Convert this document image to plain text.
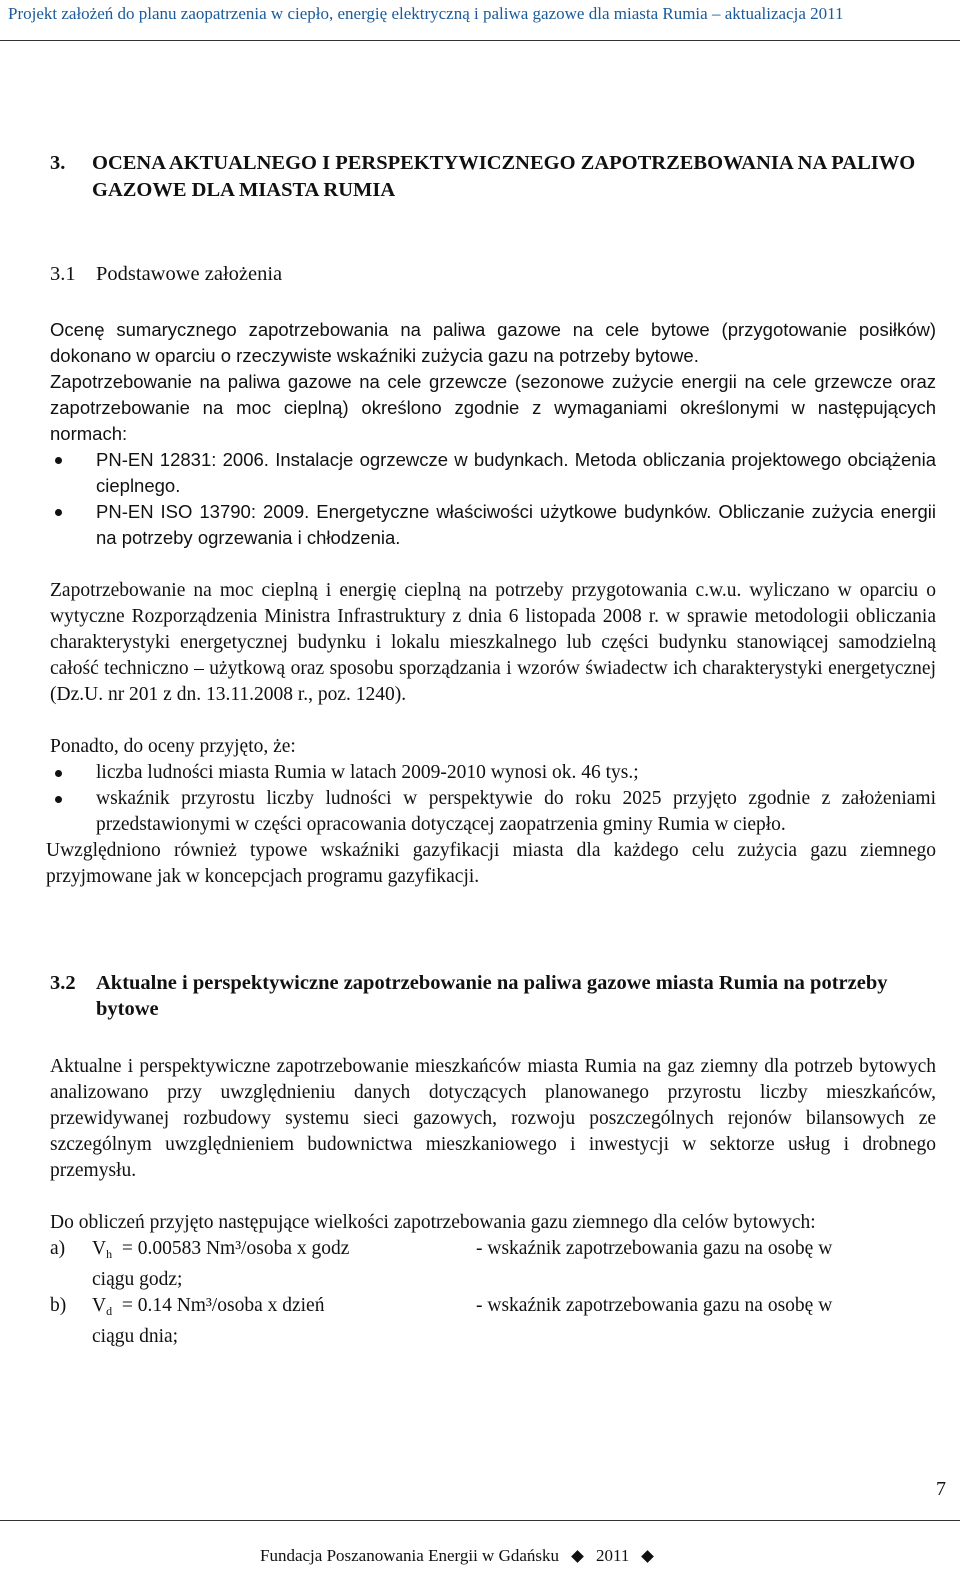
Projekt założeń do planu zaopatrzenia w ciepło, energię elektryczną i paliwa gazowe dla miasta Rumia – aktualizacja 2011
3.	OCENA AKTUALNEGO I PERSPEKTYWICZNEGO ZAPOTRZEBOWANIA NA PALIWO GAZOWE DLA MIASTA RUMIA
3.1 Podstawowe założenia

Ocenę sumarycznego zapotrzebowania na paliwa gazowe na cele bytowe (przygotowanie posiłków) dokonano w oparciu o rzeczywiste wskaźniki zużycia gazu na potrzeby bytowe.

Zapotrzebowanie na paliwa gazowe na cele grzewcze (sezonowe zużycie energii na cele grzewcze oraz zapotrzebowanie na moc cieplną) określono zgodnie z wymaganiami określonymi w następujących normach:

PN-EN 12831: 2006. Instalacje ogrzewcze w budynkach. Metoda obliczania projektowego obciążenia cieplnego.
PN-EN ISO 13790: 2009. Energetyczne właściwości użytkowe budynków. Obliczanie zużycia energii na potrzeby ogrzewania i chłodzenia.

Zapotrzebowanie na moc cieplną i energię cieplną na potrzeby przygotowania c.w.u. wyliczano w oparciu o wytyczne Rozporządzenia Ministra Infrastruktury z dnia 6 listopada 2008 r. w sprawie metodologii obliczania charakterystyki energetycznej budynku i lokalu mieszkalnego lub części budynku stanowiącej samodzielną całość techniczno – użytkową oraz sposobu sporządzania i wzorów świadectw ich charakterystyki energetycznej (Dz.U. nr 201 z dn. 13.11.2008 r., poz. 1240).

Ponadto, do oceny przyjęto, że:

liczba ludności miasta Rumia w latach 2009-2010 wynosi ok. 46 tys.;
wskaźnik przyrostu liczby ludności w perspektywie do roku 2025 przyjęto zgodnie z założeniami przedstawionymi w części opracowania dotyczącej zaopatrzenia gminy Rumia w ciepło.

Uwzględniono również typowe wskaźniki gazyfikacji miasta dla każdego celu zużycia gazu ziemnego przyjmowane jak w koncepcjach programu gazyfikacji.

3.2 Aktualne i perspektywiczne zapotrzebowanie na paliwa gazowe miasta Rumia na potrzeby bytowe

Aktualne i perspektywiczne zapotrzebowanie mieszkańców miasta Rumia na gaz ziemny dla potrzeb bytowych analizowano przy uwzględnieniu danych dotyczących planowanego przyrostu liczby mieszkańców, przewidywanej rozbudowy systemu sieci gazowych, rozwoju poszczególnych rejonów bilansowych ze szczególnym uwzględnieniem budownictwa mieszkaniowego i inwestycji w sektorze usług i drobnego przemysłu.

Do obliczeń przyjęto następujące wielkości zapotrzebowania gazu ziemnego dla celów bytowych:

a)	$V_h = 0.00583$ Nm³/osoba x godz	- wskaźnik zapotrzebowania gazu na osobę w
ciągu godz;
b)	$V_d = 0.14$ Nm³/osoba x dzień	- wskaźnik zapotrzebowania gazu na osobę w
ciągu dnia;
7
Fundacja Poszanowania Energii w Gdańsku 2011
